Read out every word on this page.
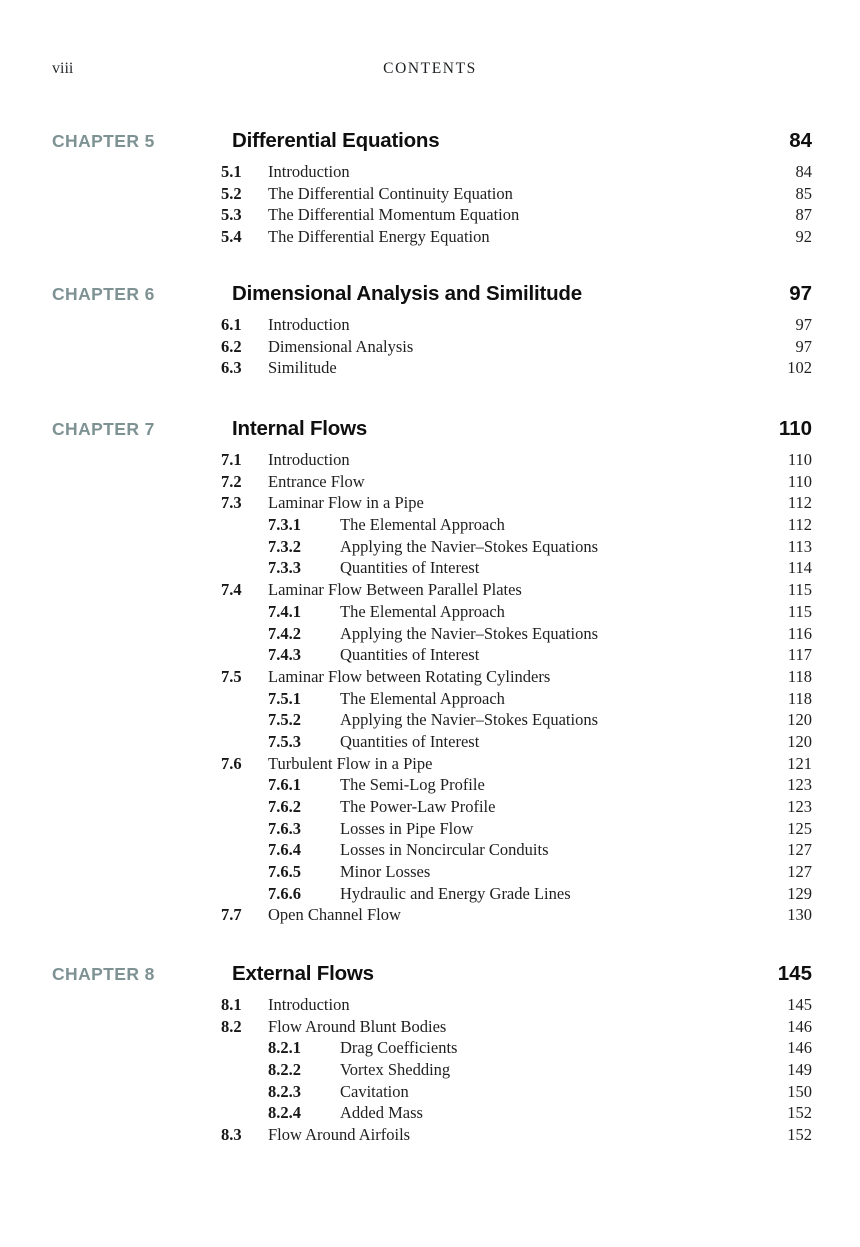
viii	CONTENTS
CHAPTER 5	Differential Equations	84
5.1	Introduction	84
5.2	The Differential Continuity Equation	85
5.3	The Differential Momentum Equation	87
5.4	The Differential Energy Equation	92
CHAPTER 6	Dimensional Analysis and Similitude	97
6.1	Introduction	97
6.2	Dimensional Analysis	97
6.3	Similitude	102
CHAPTER 7	Internal Flows	110
7.1	Introduction	110
7.2	Entrance Flow	110
7.3	Laminar Flow in a Pipe	112
7.3.1	The Elemental Approach	112
7.3.2	Applying the Navier–Stokes Equations	113
7.3.3	Quantities of Interest	114
7.4	Laminar Flow Between Parallel Plates	115
7.4.1	The Elemental Approach	115
7.4.2	Applying the Navier–Stokes Equations	116
7.4.3	Quantities of Interest	117
7.5	Laminar Flow between Rotating Cylinders	118
7.5.1	The Elemental Approach	118
7.5.2	Applying the Navier–Stokes Equations	120
7.5.3	Quantities of Interest	120
7.6	Turbulent Flow in a Pipe	121
7.6.1	The Semi-Log Profile	123
7.6.2	The Power-Law Profile	123
7.6.3	Losses in Pipe Flow	125
7.6.4	Losses in Noncircular Conduits	127
7.6.5	Minor Losses	127
7.6.6	Hydraulic and Energy Grade Lines	129
7.7	Open Channel Flow	130
CHAPTER 8	External Flows	145
8.1	Introduction	145
8.2	Flow Around Blunt Bodies	146
8.2.1	Drag Coefficients	146
8.2.2	Vortex Shedding	149
8.2.3	Cavitation	150
8.2.4	Added Mass	152
8.3	Flow Around Airfoils	152
